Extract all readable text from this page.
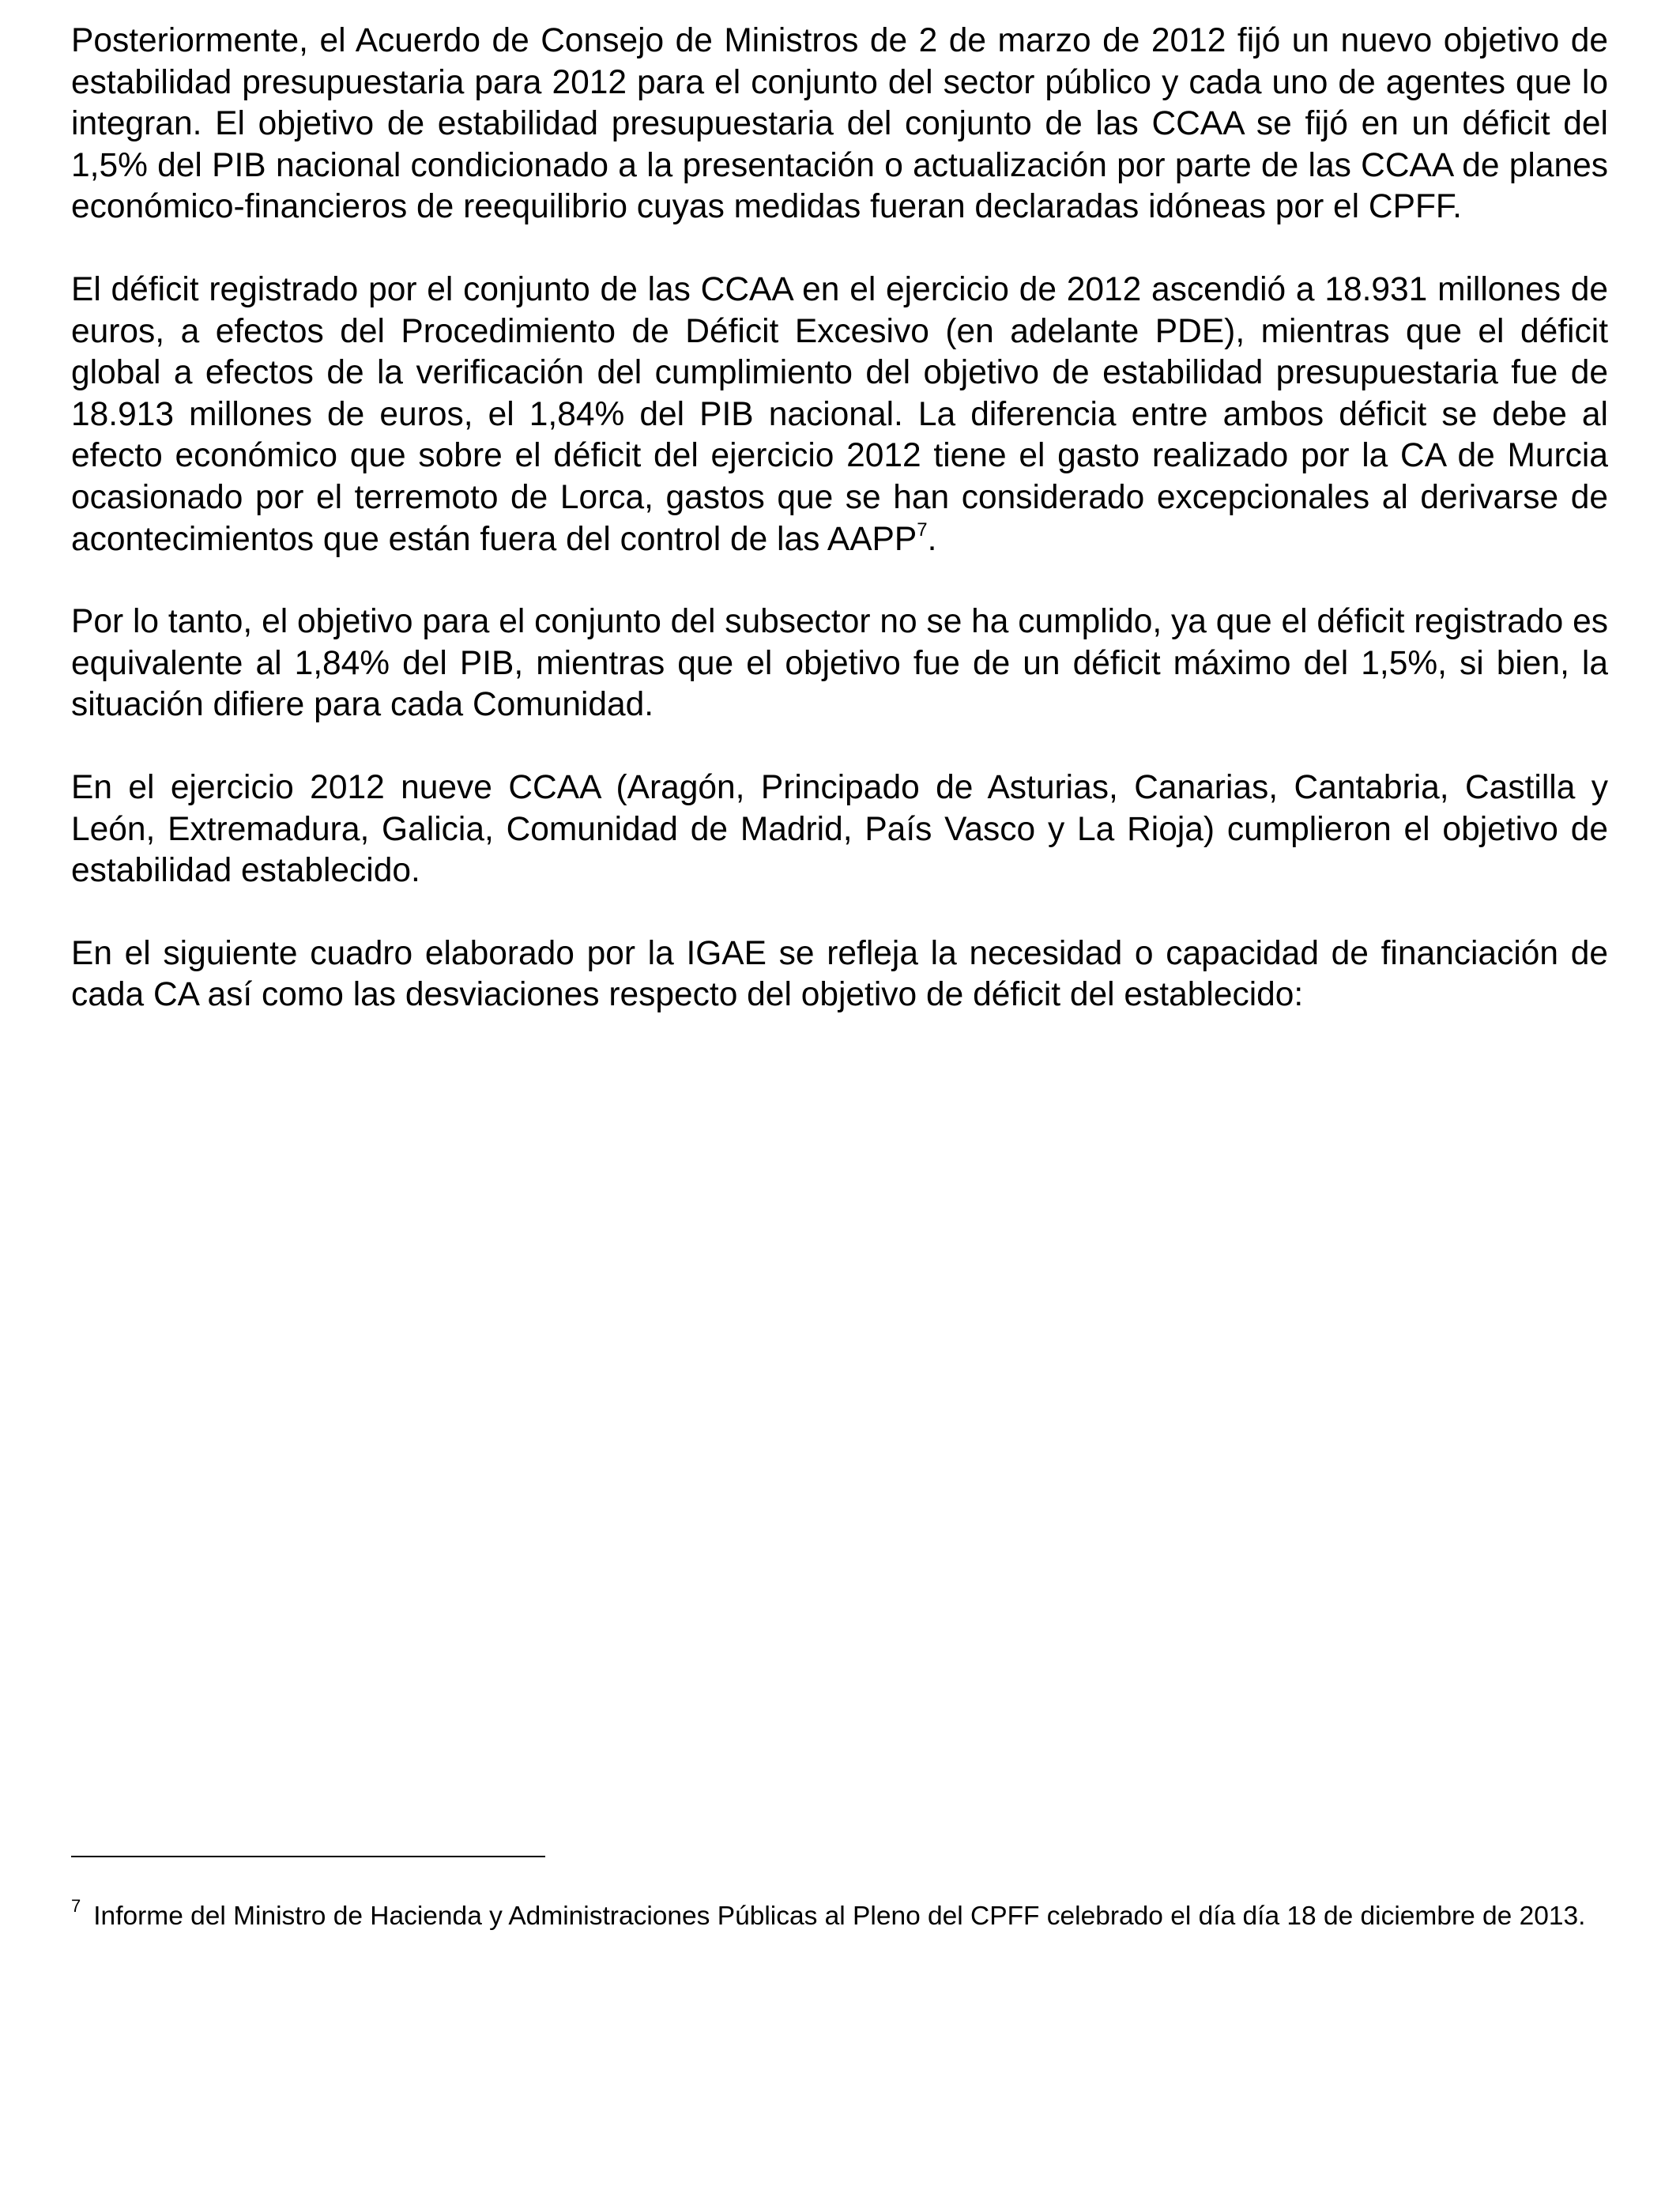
Posteriormente, el Acuerdo de Consejo de Ministros de 2 de marzo de 2012 fijó un nuevo objetivo de estabilidad presupuestaria para 2012 para el conjunto del sector público y cada uno de agentes que lo integran. El objetivo de estabilidad presupuestaria del conjunto de las CCAA se fijó en un déficit del 1,5% del PIB nacional condicionado a la presentación o actualización por parte de las CCAA de planes económico-financieros de reequilibrio cuyas medidas fueran declaradas idóneas por el CPFF.

El déficit registrado por el conjunto de las CCAA en el ejercicio de 2012 ascendió a 18.931 millones de euros, a efectos del Procedimiento de Déficit Excesivo (en adelante PDE), mientras que el déficit global a efectos de la verificación del cumplimiento del objetivo de estabilidad presupuestaria fue de 18.913 millones de euros, el 1,84% del PIB nacional. La diferencia entre ambos déficit se debe al efecto económico que sobre el déficit del ejercicio 2012 tiene el gasto realizado por la CA de Murcia ocasionado por el terremoto de Lorca, gastos que se han considerado excepcionales al derivarse de acontecimientos que están fuera del control de las AAPP$^7$.

Por lo tanto, el objetivo para el conjunto del subsector no se ha cumplido, ya que el déficit registrado es equivalente al 1,84% del PIB, mientras que el objetivo fue de un déficit máximo del 1,5%, si bien, la situación difiere para cada Comunidad.

En el ejercicio 2012 nueve CCAA (Aragón, Principado de Asturias, Canarias, Cantabria, Castilla y León, Extremadura, Galicia, Comunidad de Madrid, País Vasco y La Rioja) cumplieron el objetivo de estabilidad establecido.

En el siguiente cuadro elaborado por la IGAE se refleja la necesidad o capacidad de financiación de cada CA así como las desviaciones respecto del objetivo de déficit del establecido:

$^7$ Informe del Ministro de Hacienda y Administraciones Públicas al Pleno del CPFF celebrado el día día 18 de diciembre de 2013.
